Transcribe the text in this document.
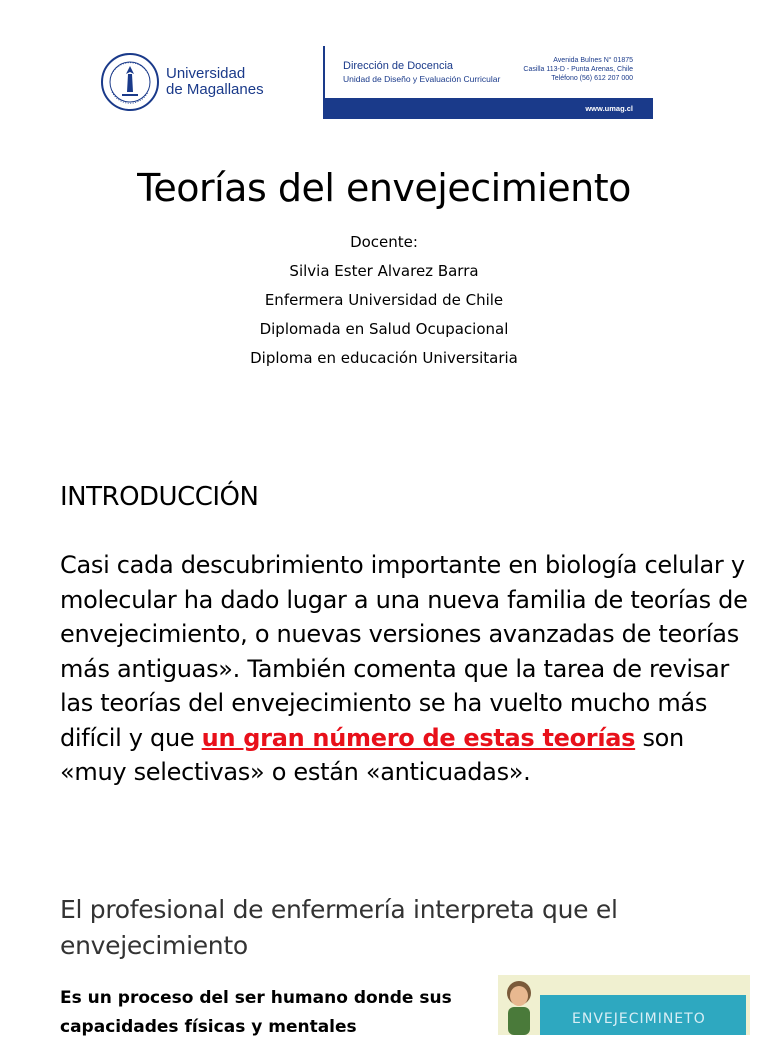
Universidad
de Magallanes
Dirección de Docencia
Unidad de Diseño y Evaluación Curricular
Avenida Bulnes N° 01875
Casilla 113-D - Punta Arenas, Chile
Teléfono (56) 612 207 000
www.umag.cl
Teorías del envejecimiento
Docente:
Silvia Ester Alvarez Barra
Enfermera Universidad de Chile
Diplomada en Salud Ocupacional
Diploma en educación Universitaria
INTRODUCCIÓN
Casi cada descubrimiento importante en biología celular y molecular ha dado lugar a una nueva familia de teorías de envejecimiento, o nuevas versiones avanzadas de teorías más antiguas». También comenta que la tarea de revisar las teorías del envejecimiento se ha vuelto mucho más difícil y que un gran número de estas teorías son «muy selectivas» o están «anticuadas».
El profesional de enfermería interpreta que el envejecimiento
Es un proceso del ser humano donde sus capacidades físicas y mentales	ENVEJECIMINETO
